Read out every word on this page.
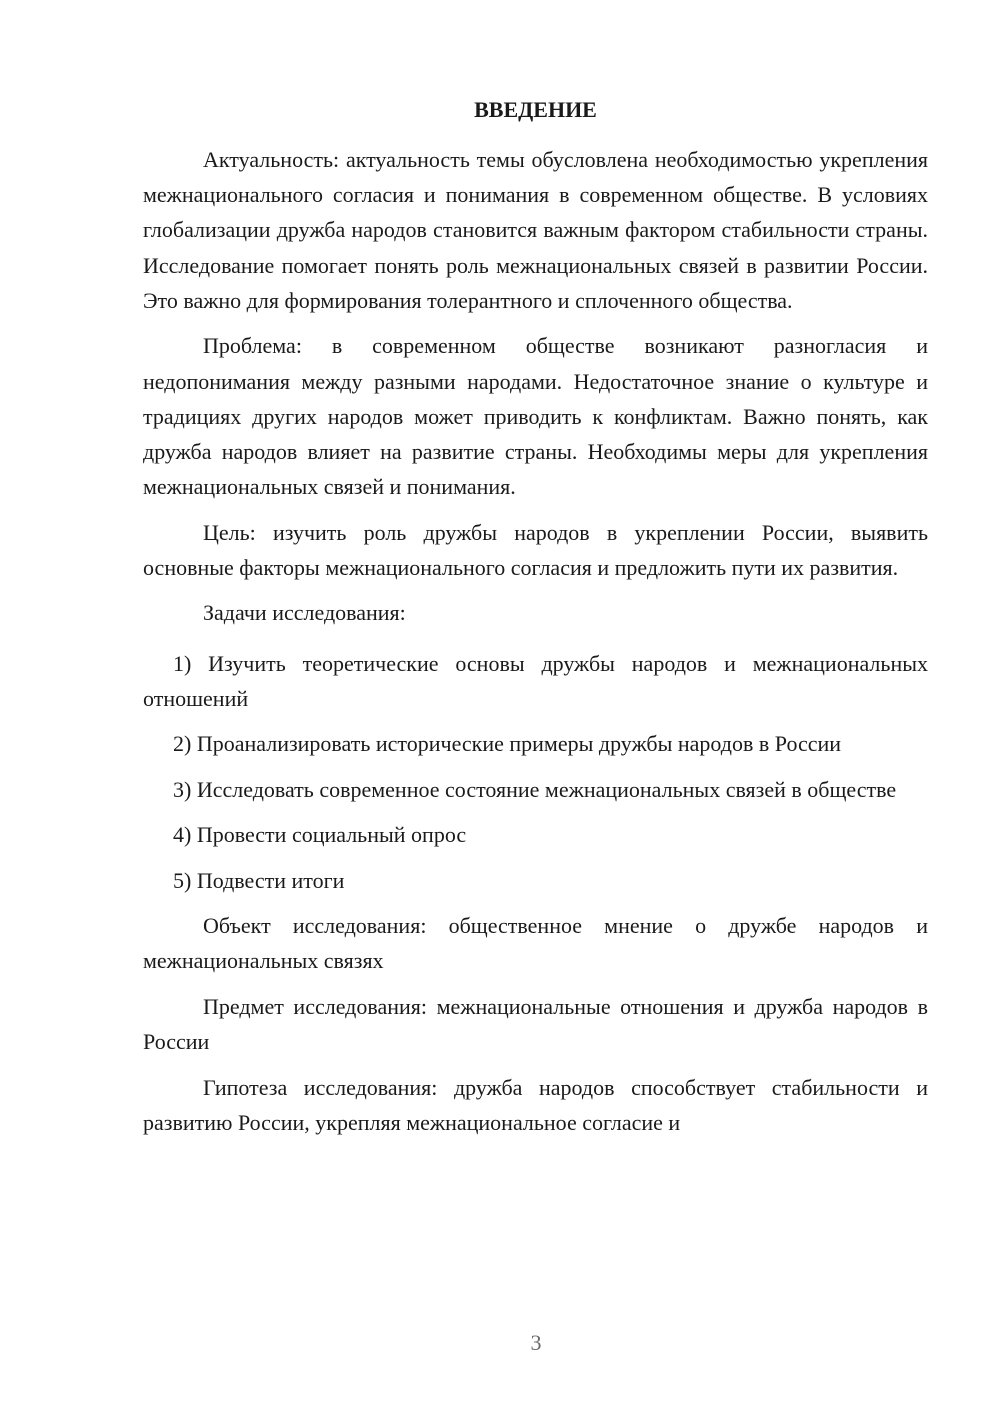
ВВЕДЕНИЕ

Актуальность: актуальность темы обусловлена необходимостью укрепления межнационального согласия и понимания в современном обществе. В условиях глобализации дружба народов становится важным фактором стабильности страны. Исследование помогает понять роль межнациональных связей в развитии России. Это важно для формирования толерантного и сплоченного общества.

Проблема: в современном обществе возникают разногласия и недопонимания между разными народами. Недостаточное знание о культуре и традициях других народов может приводить к конфликтам. Важно понять, как дружба народов влияет на развитие страны. Необходимы меры для укрепления межнациональных связей и понимания.

Цель: изучить роль дружбы народов в укреплении России, выявить основные факторы межнационального согласия и предложить пути их развития.

Задачи исследования:

1) Изучить теоретические основы дружбы народов и межнациональных отношений

2) Проанализировать исторические примеры дружбы народов в России

3) Исследовать современное состояние межнациональных связей в обществе

4) Провести социальный опрос

5) Подвести итоги

Объект исследования: общественное мнение о дружбе народов и межнациональных связях

Предмет исследования: межнациональные отношения и дружба народов в России

Гипотеза исследования: дружба народов способствует стабильности и развитию России, укрепляя межнациональное согласие и

3
